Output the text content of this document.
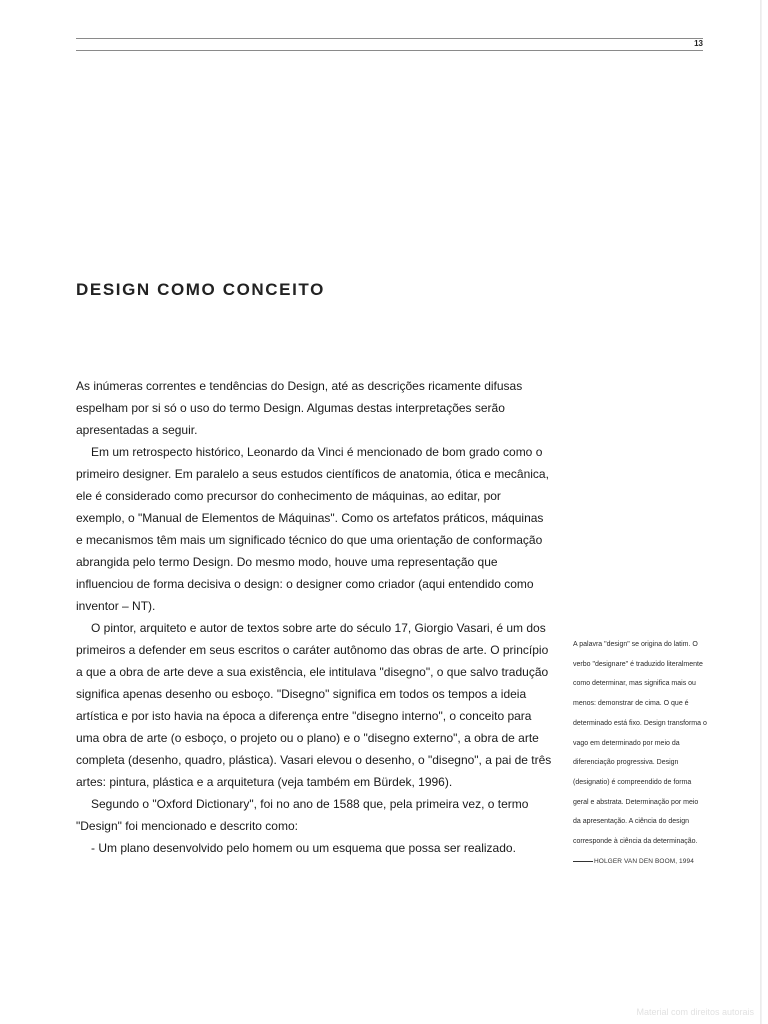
13
DESIGN COMO CONCEITO

As inúmeras correntes e tendências do Design, até as descrições ricamente difusas espelham por si só o uso do termo Design. Algumas destas interpretações serão apresentadas a seguir.

Em um retrospecto histórico, Leonardo da Vinci é mencionado de bom grado como o primeiro designer. Em paralelo a seus estudos científicos de anatomia, ótica e mecânica, ele é considerado como precursor do conhecimento de máquinas, ao editar, por exemplo, o "Manual de Elementos de Máquinas". Como os artefatos práticos, máquinas e mecanismos têm mais um significado técnico do que uma orientação de conformação abrangida pelo termo Design. Do mesmo modo, houve uma representação que influenciou de forma decisiva o design: o designer como criador (aqui entendido como inventor – NT).

O pintor, arquiteto e autor de textos sobre arte do século 17, Giorgio Vasari, é um dos primeiros a defender em seus escritos o caráter autônomo das obras de arte. O princípio a que a obra de arte deve a sua existência, ele intitulava "disegno", o que salvo tradução significa apenas desenho ou esboço. "Disegno" significa em todos os tempos a ideia artística e por isto havia na época a diferença entre "disegno interno", o conceito para uma obra de arte (o esboço, o projeto ou o plano) e o "disegno externo", a obra de arte completa (desenho, quadro, plástica). Vasari elevou o desenho, o "disegno", a pai de três artes: pintura, plástica e a arquitetura (veja também em Bürdek, 1996).

Segundo o "Oxford Dictionary", foi no ano de 1588 que, pela primeira vez, o termo "Design" foi mencionado e descrito como:

- Um plano desenvolvido pelo homem ou um esquema que possa ser realizado.

A palavra "design" se origina do latim. O verbo "designare" é traduzido literalmente como determinar, mas significa mais ou menos: demonstrar de cima. O que é determinado está fixo. Design transforma o vago em determinado por meio da diferenciação progressiva. Design (designatio) é compreendido de forma geral e abstrata. Determinação por meio da apresentação. A ciência do design corresponde à ciência da determinação.

HOLGER VAN DEN BOOM, 1994

Material com direitos autorais
